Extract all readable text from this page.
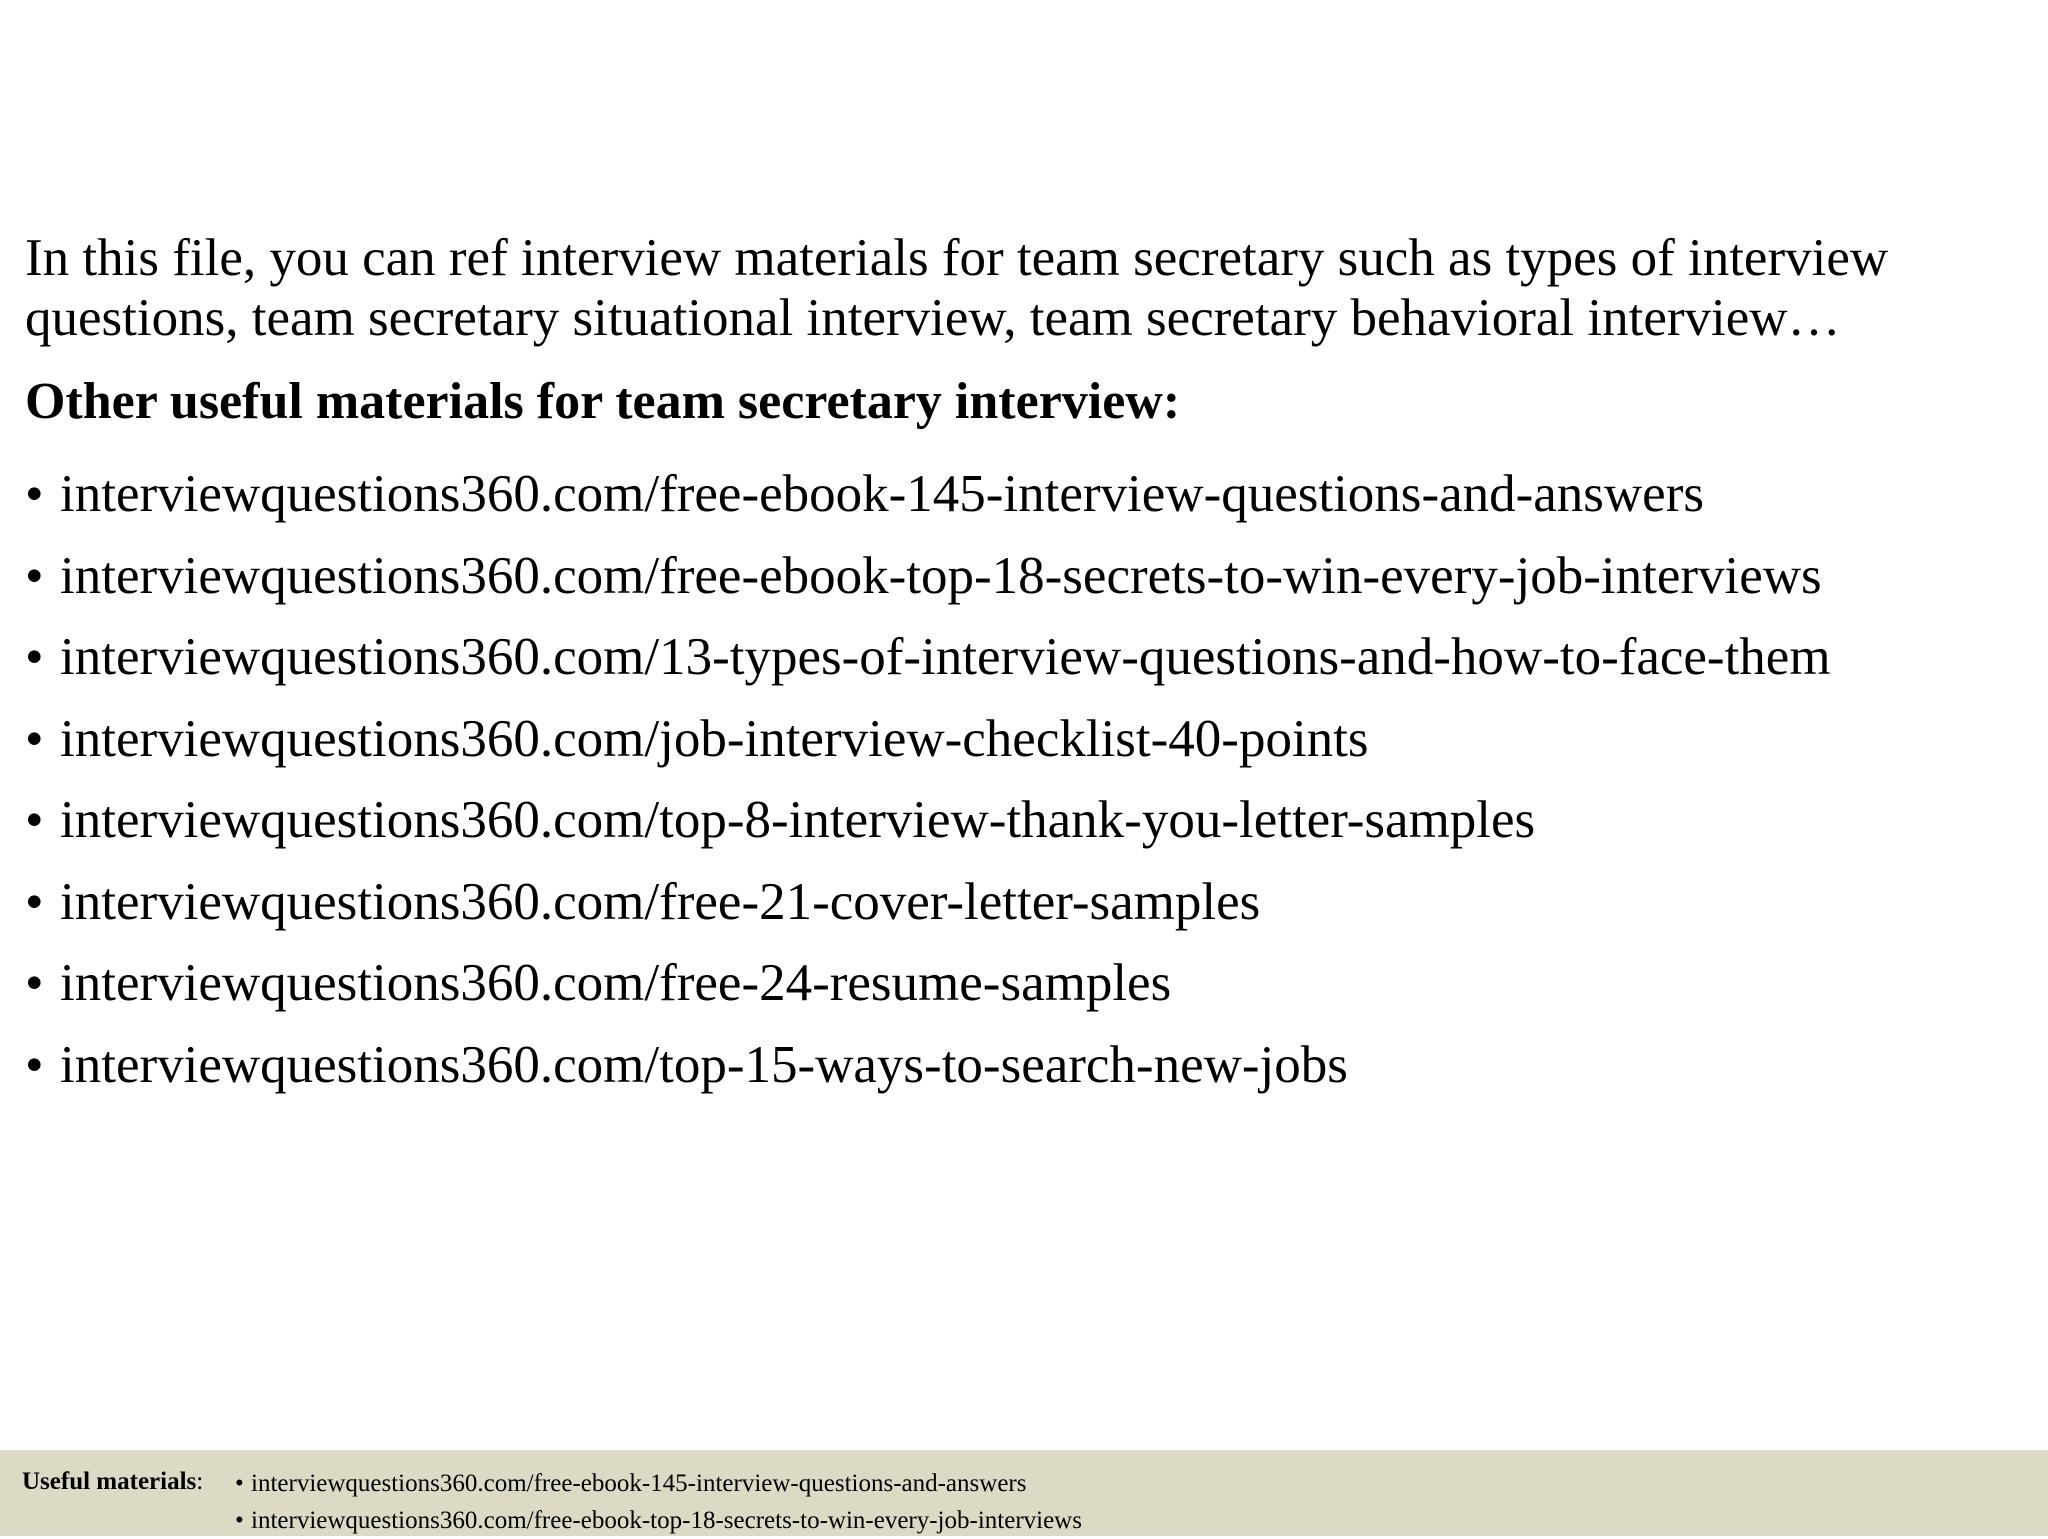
In this file, you can ref interview materials for team secretary such as types of interview questions, team secretary situational interview, team secretary behavioral interview…

Other useful materials for team secretary interview:
• interviewquestions360.com/free-ebook-145-interview-questions-and-answers
• interviewquestions360.com/free-ebook-top-18-secrets-to-win-every-job-interviews
• interviewquestions360.com/13-types-of-interview-questions-and-how-to-face-them
• interviewquestions360.com/job-interview-checklist-40-points
• interviewquestions360.com/top-8-interview-thank-you-letter-samples
• interviewquestions360.com/free-21-cover-letter-samples
• interviewquestions360.com/free-24-resume-samples
• interviewquestions360.com/top-15-ways-to-search-new-jobs
Useful materials: • interviewquestions360.com/free-ebook-145-interview-questions-and-answers
• interviewquestions360.com/free-ebook-top-18-secrets-to-win-every-job-interviews
